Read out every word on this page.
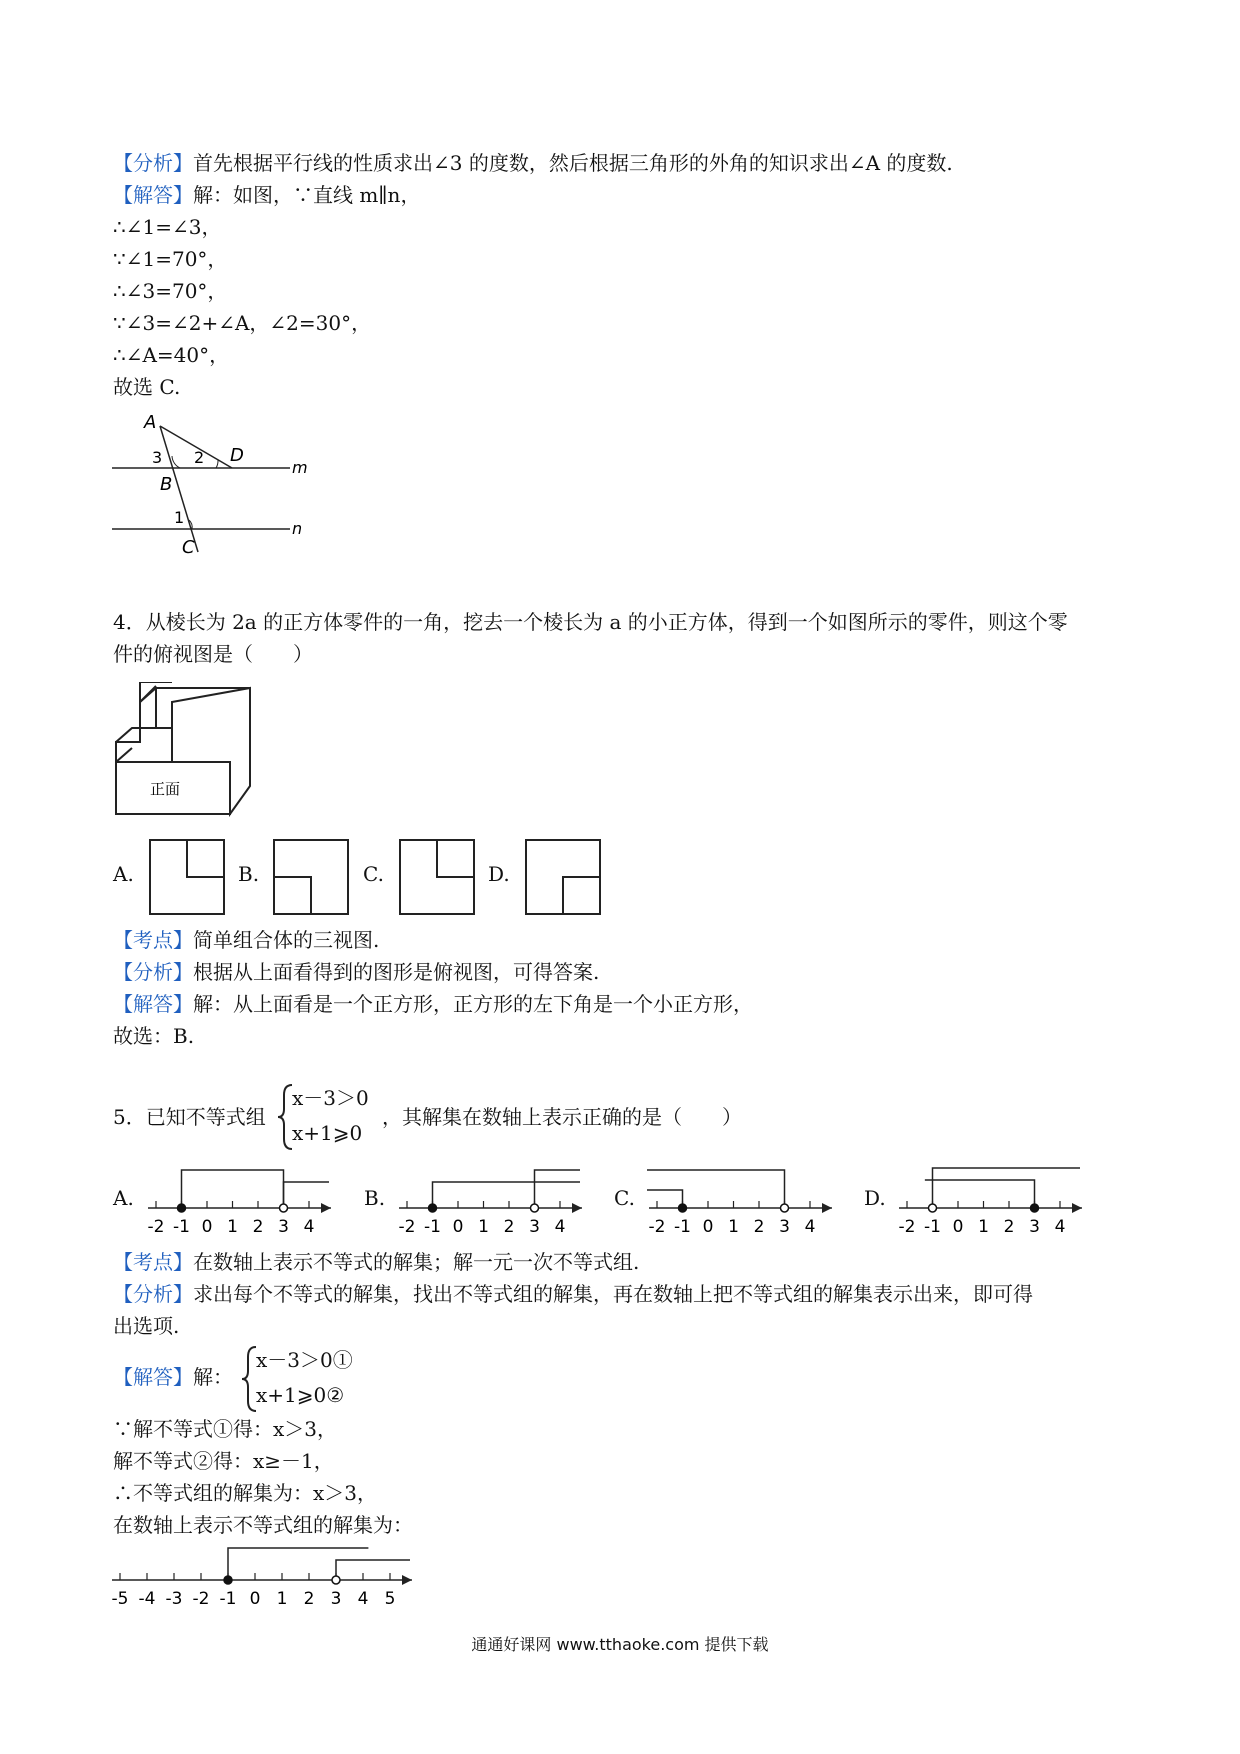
【分析】首先根据平行线的性质求出∠3 的度数，然后根据三角形的外角的知识求出∠A 的度数.
【解答】解：如图，∵直线 m∥n，
∴∠1=∠3，
∵∠1=70°，
∴∠3=70°，
∵∠3=∠2+∠A，∠2=30°，
∴∠A=40°，
故选 C.
A
3 2 D
m
B
1
n
C
4．从棱长为 2a 的正方体零件的一角，挖去一个棱长为 a 的小正方体，得到一个如图所示的零件，则这个零
件的俯视图是（　　）
正面
A.	B.	C.	D.
【考点】简单组合体的三视图.
【分析】根据从上面看得到的图形是俯视图，可得答案.
【解答】解：从上面看是一个正方形，正方形的左下角是一个小正方形，
故选：B.
5．已知不等式组
x－3＞0
x+1⩾0
，其解集在数轴上表示正确的是（　　）
A.
-2 -1 0 1 2 3 4
B.
-2 -1 0 1 2 3 4
C.
-2 -1 0 1 2 3 4
D.
-2 -1 0 1 2 3 4
【考点】在数轴上表示不等式的解集；解一元一次不等式组.
【分析】求出每个不等式的解集，找出不等式组的解集，再在数轴上把不等式组的解集表示出来，即可得
出选项.
【解答】解：
x－3＞0①
x+1⩾0②
∵解不等式①得：x＞3，
解不等式②得：x≥－1，
∴不等式组的解集为：x＞3，
在数轴上表示不等式组的解集为：
-5 -4 -3 -2 -1 0 1 2 3 4 5
通通好课网 www.tthaoke.com 提供下载
